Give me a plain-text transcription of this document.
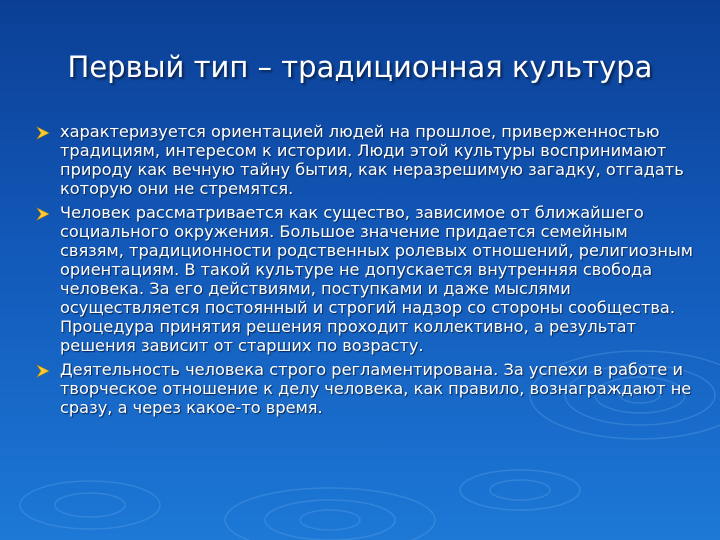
Первый тип – традиционная культура
характеризуется ориентацией людей на прошлое, приверженностью традициям, интересом к истории. Люди этой культуры воспринимают природу как вечную тайну бытия, как неразрешимую загадку, отгадать которую они не стремятся.
Человек рассматривается как существо, зависимое от ближайшего социального окружения. Большое значение придается семейным связям, традиционности родственных ролевых отношений, религиозным ориентациям. В такой культуре не допускается внутренняя свобода человека. За его действиями, поступками и даже мыслями осуществляется постоянный и строгий надзор со стороны сообщества. Процедура принятия решения проходит коллективно, а результат решения зависит от старших по возрасту.
Деятельность человека строго регламентирована. За успехи в работе и творческое отношение к делу человека, как правило, вознаграждают не сразу, а через какое-то время.
